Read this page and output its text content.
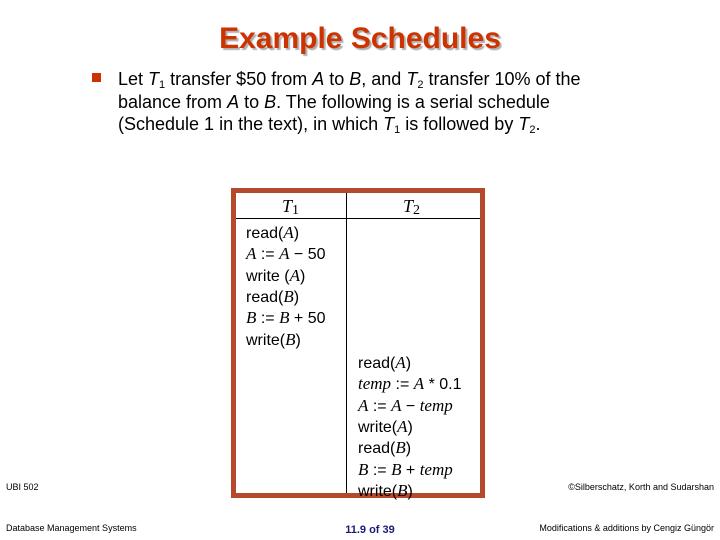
Example Schedules
Let $T_1$ transfer $50 from A to B, and $T_2$ transfer 10% of the balance from A to B. The following is a serial schedule (Schedule 1 in the text), in which $T_1$ is followed by $T_2$.
$T_1$	$T_2$
read(A)
A := A − 50
write (A)
read(B)
B := B + 50
write(B)
read(A)
temp := A * 0.1
A := A − temp
write(A)
read(B)
B := B + temp
write(B)
UBI 502
Database Management Systems	11.9 of 39
©Silberschatz, Korth and Sudarshan
Modifications & additions by Cengiz Güngör
